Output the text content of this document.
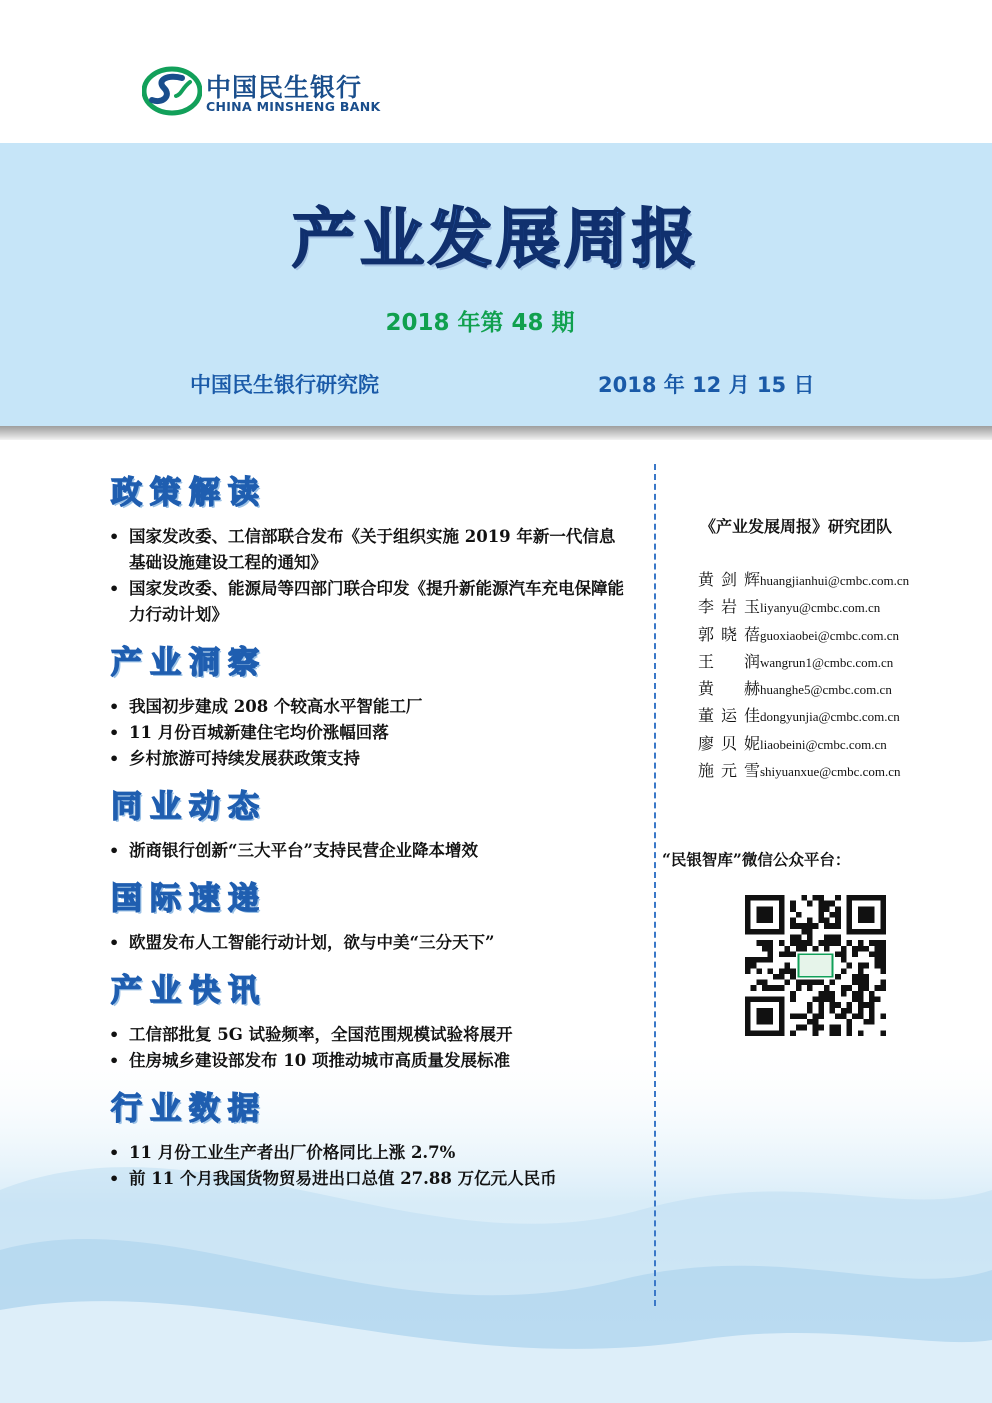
中国民生银行
CHINA MINSHENG BANK
产业发展周报
2018 年第 48 期
中国民生银行研究院	2018 年 12 月 15 日
政策解读
• 国家发改委、工信部联合发布《关于组织实施 2019 年新一代信息基础设施建设工程的通知》
• 国家发改委、能源局等四部门联合印发《提升新能源汽车充电保障能力行动计划》
产业洞察
• 我国初步建成 208 个较高水平智能工厂
• 11 月份百城新建住宅均价涨幅回落
• 乡村旅游可持续发展获政策支持
同业动态
• 浙商银行创新“三大平台”支持民营企业降本增效
国际速递
• 欧盟发布人工智能行动计划，欲与中美“三分天下”
产业快讯
• 工信部批复 5G 试验频率，全国范围规模试验将展开
• 住房城乡建设部发布 10 项推动城市高质量发展标准
行业数据
• 11 月份工业生产者出厂价格同比上涨 2.7%
• 前 11 个月我国货物贸易进出口总值 27.88 万亿元人民币
《产业发展周报》研究团队
黄剑辉huangjianhui@cmbc.com.cn
李岩玉liyanyu@cmbc.com.cn
郭晓蓓guoxiaobei@cmbc.com.cn
王润wangrun1@cmbc.com.cn
黄赫huanghe5@cmbc.com.cn
董运佳dongyunjia@cmbc.com.cn
廖贝妮liaobeini@cmbc.com.cn
施元雪shiyuanxue@cmbc.com.cn
“民银智库”微信公众平台：
